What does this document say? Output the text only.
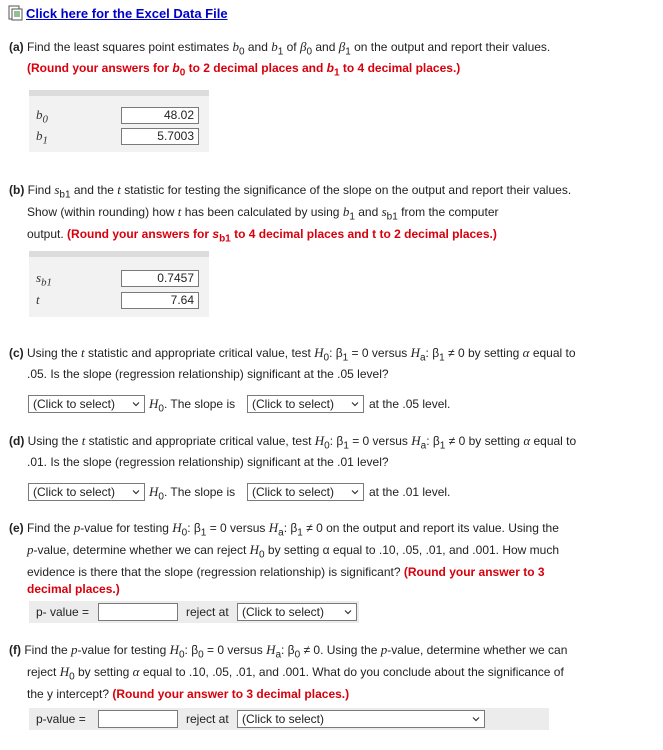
Click here for the Excel Data File
(a) Find the least squares point estimates $b_0$ and $b_1$ of $\beta_0$ and $\beta_1$ on the output and report their values.
(Round your answers for $b_0$ to 2 decimal places and $b_1$ to 4 decimal places.)
$b_0$	48.02
$b_1$	5.7003
(b) Find $s_{b1}$ and the t statistic for testing the significance of the slope on the output and report their values.
Show (within rounding) how t has been calculated by using $b_1$ and $s_{b1}$ from the computer
output. (Round your answers for $s_{b1}$ to 4 decimal places and t to 2 decimal places.)
$s_{b1}$	0.7457
t	7.64
(c) Using the t statistic and appropriate critical value, test $H_0$: $\beta_1 = 0$ versus $H_a$: $\beta_1 \ne 0$ by setting α equal to
.05. Is the slope (regression relationship) significant at the .05 level?
(Click to select)	$H_0$. The slope is (Click to select)	at the .05 level.
(d) Using the t statistic and appropriate critical value, test $H_0$: $\beta_1 = 0$ versus $H_a$: $\beta_1 \ne 0$ by setting α equal to
.01. Is the slope (regression relationship) significant at the .01 level?
(Click to select)	$H_0$. The slope is (Click to select)	at the .01 level.
(e) Find the p-value for testing $H_0$: $\beta_1 = 0$ versus $H_a$: $\beta_1 \ne 0$ on the output and report its value. Using the
p-value, determine whether we can reject $H_0$ by setting α equal to .10, .05, .01, and .001. How much
evidence is there that the slope (regression relationship) is significant? (Round your answer to 3
decimal places.)
p- value =	reject at (Click to select)
(f) Find the p-value for testing $H_0$: $\beta_0 = 0$ versus $H_a$: $\beta_0 \ne 0$. Using the p-value, determine whether we can
reject $H_0$ by setting α equal to .10, .05, .01, and .001. What do you conclude about the significance of
the y intercept? (Round your answer to 3 decimal places.)
p-value =	reject at (Click to select)
